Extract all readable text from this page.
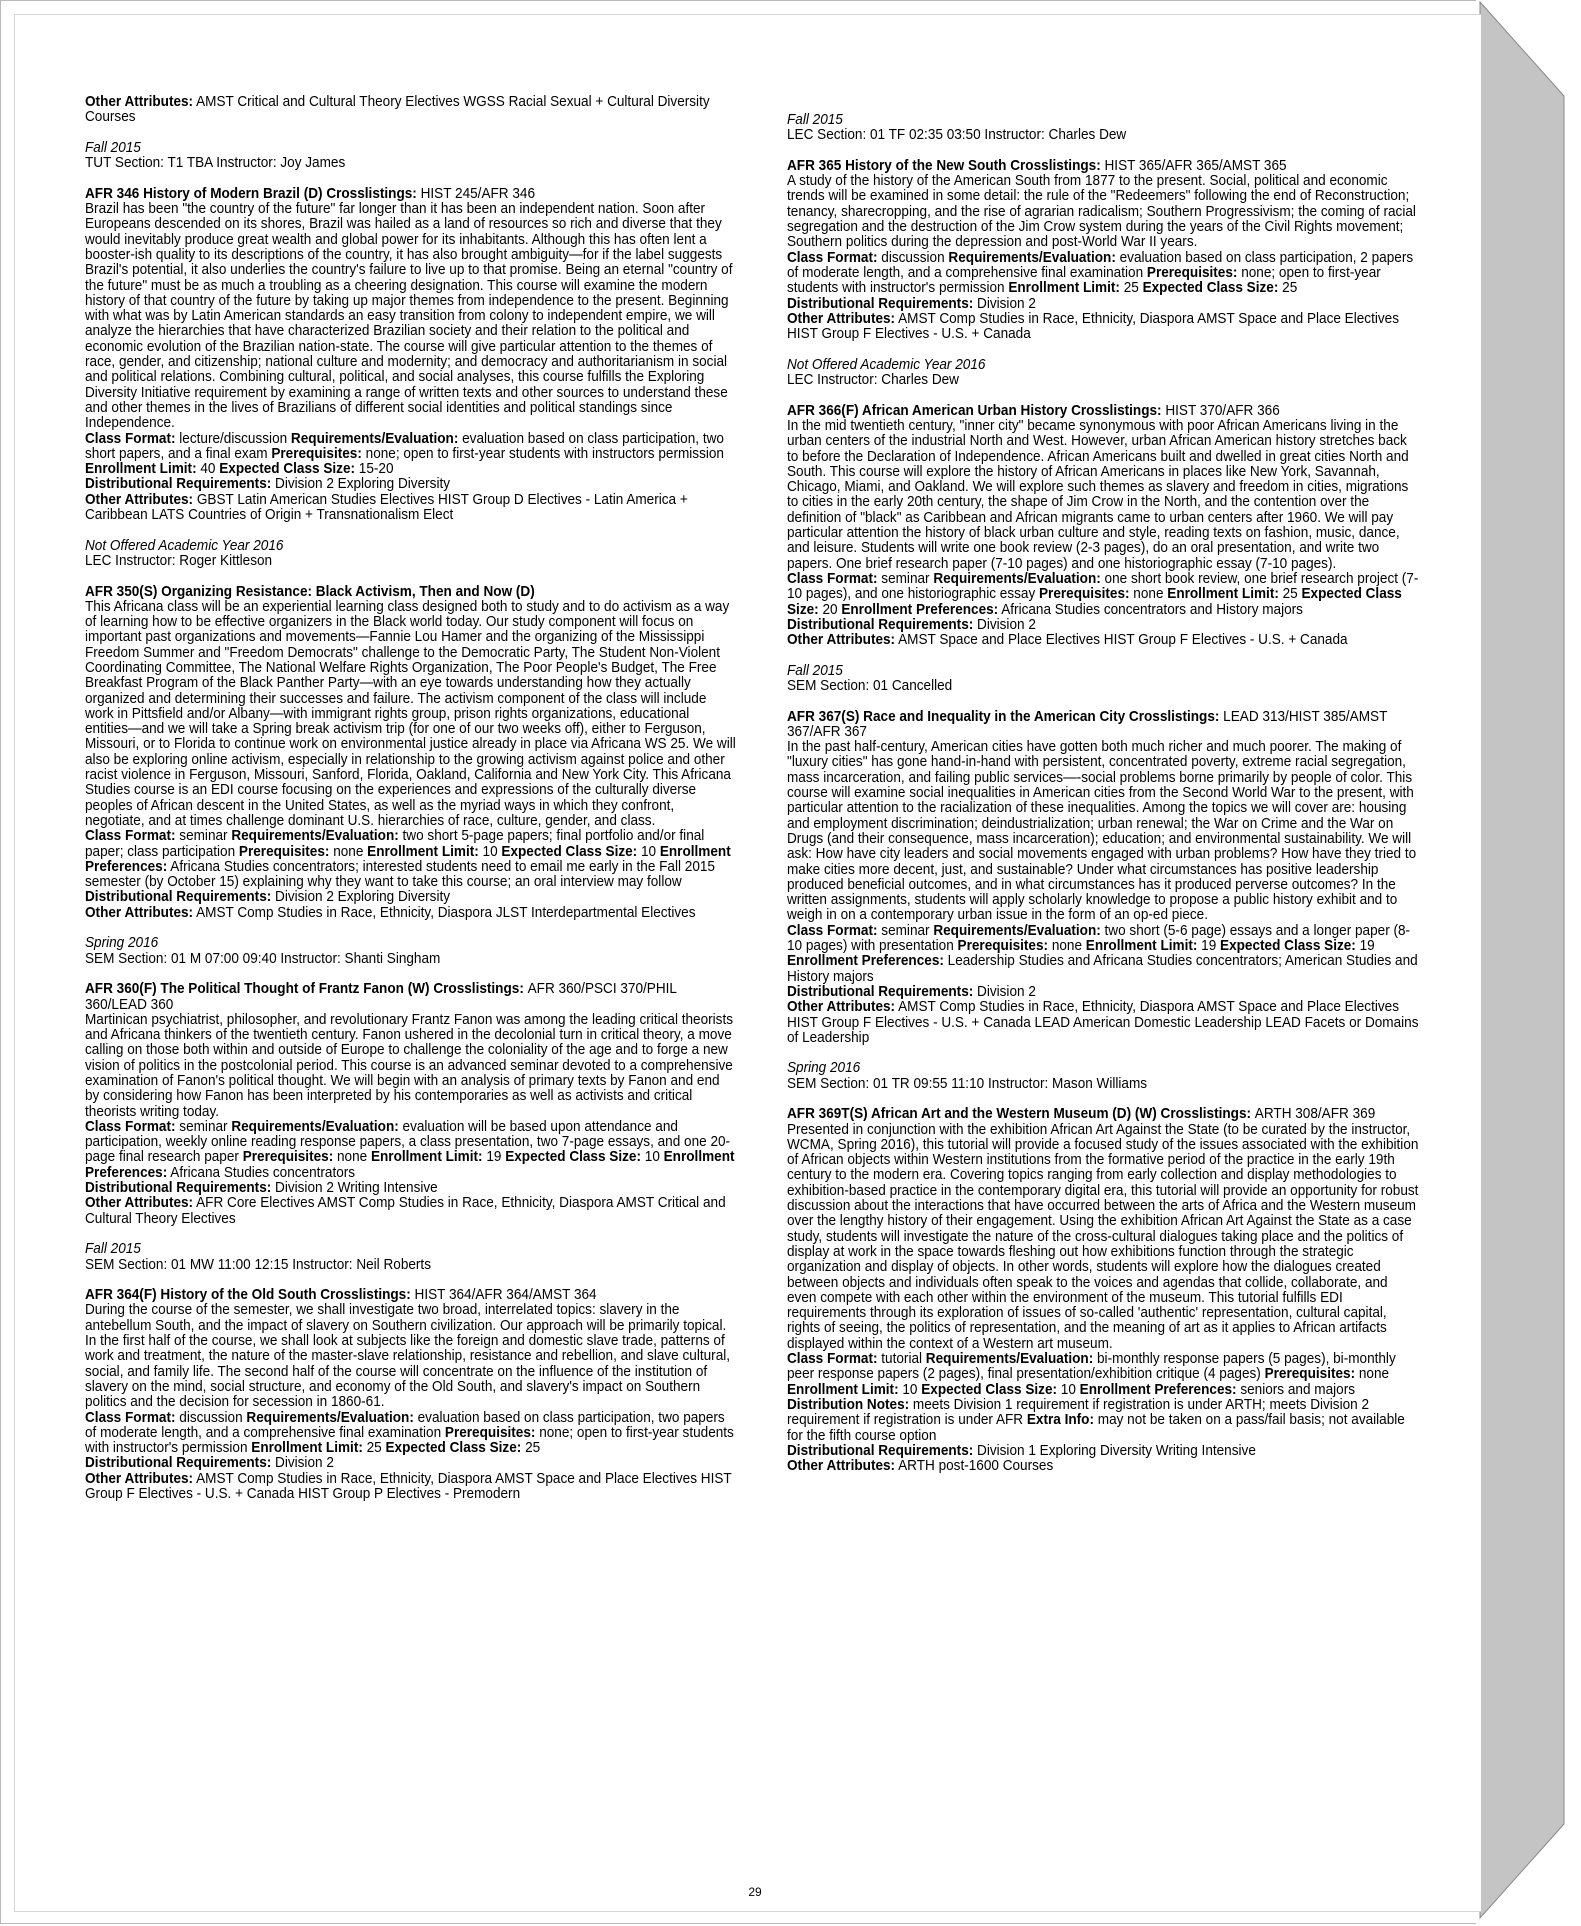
Other Attributes: AMST Critical and Cultural Theory Electives WGSS Racial Sexual + Cultural Diversity Courses

Fall 2015

TUT Section: T1 TBA Instructor: Joy James

AFR 346 History of Modern Brazil (D) Crosslistings: HIST 245/AFR 346

Brazil has been "the country of the future" far longer than it has been an independent nation. Soon after Europeans descended on its shores, Brazil was hailed as a land of resources so rich and diverse that they would inevitably produce great wealth and global power for its inhabitants. Although this has often lent a booster-ish quality to its descriptions of the country, it has also brought ambiguity—for if the label suggests Brazil's potential, it also underlies the country's failure to live up to that promise. Being an eternal "country of the future" must be as much a troubling as a cheering designation. This course will examine the modern history of that country of the future by taking up major themes from independence to the present. Beginning with what was by Latin American standards an easy transition from colony to independent empire, we will analyze the hierarchies that have characterized Brazilian society and their relation to the political and economic evolution of the Brazilian nation-state. The course will give particular attention to the themes of race, gender, and citizenship; national culture and modernity; and democracy and authoritarianism in social and political relations. Combining cultural, political, and social analyses, this course fulfills the Exploring Diversity Initiative requirement by examining a range of written texts and other sources to understand these and other themes in the lives of Brazilians of different social identities and political standings since Independence.

Class Format: lecture/discussion Requirements/Evaluation: evaluation based on class participation, two short papers, and a final exam Prerequisites: none; open to first-year students with instructors permission Enrollment Limit: 40 Expected Class Size: 15-20

Distributional Requirements: Division 2 Exploring Diversity

Other Attributes: GBST Latin American Studies Electives HIST Group D Electives - Latin America + Caribbean LATS Countries of Origin + Transnationalism Elect

Not Offered Academic Year 2016

LEC Instructor: Roger Kittleson

AFR 350(S) Organizing Resistance: Black Activism, Then and Now (D)

This Africana class will be an experiential learning class designed both to study and to do activism as a way of learning how to be effective organizers in the Black world today. Our study component will focus on important past organizations and movements—Fannie Lou Hamer and the organizing of the Mississippi Freedom Summer and "Freedom Democrats" challenge to the Democratic Party, The Student Non-Violent Coordinating Committee, The National Welfare Rights Organization, The Poor People's Budget, The Free Breakfast Program of the Black Panther Party—with an eye towards understanding how they actually organized and determining their successes and failure. The activism component of the class will include work in Pittsfield and/or Albany—with immigrant rights group, prison rights organizations, educational entities—and we will take a Spring break activism trip (for one of our two weeks off), either to Ferguson, Missouri, or to Florida to continue work on environmental justice already in place via Africana WS 25. We will also be exploring online activism, especially in relationship to the growing activism against police and other racist violence in Ferguson, Missouri, Sanford, Florida, Oakland, California and New York City. This Africana Studies course is an EDI course focusing on the experiences and expressions of the culturally diverse peoples of African descent in the United States, as well as the myriad ways in which they confront, negotiate, and at times challenge dominant U.S. hierarchies of race, culture, gender, and class.

Class Format: seminar Requirements/Evaluation: two short 5-page papers; final portfolio and/or final paper; class participation Prerequisites: none Enrollment Limit: 10 Expected Class Size: 10 Enrollment Preferences: Africana Studies concentrators; interested students need to email me early in the Fall 2015 semester (by October 15) explaining why they want to take this course; an oral interview may follow

Distributional Requirements: Division 2 Exploring Diversity

Other Attributes: AMST Comp Studies in Race, Ethnicity, Diaspora JLST Interdepartmental Electives

Spring 2016

SEM Section: 01 M 07:00 09:40 Instructor: Shanti Singham

AFR 360(F) The Political Thought of Frantz Fanon (W) Crosslistings: AFR 360/PSCI 370/PHIL 360/LEAD 360

Martinican psychiatrist, philosopher, and revolutionary Frantz Fanon was among the leading critical theorists and Africana thinkers of the twentieth century. Fanon ushered in the decolonial turn in critical theory, a move calling on those both within and outside of Europe to challenge the coloniality of the age and to forge a new vision of politics in the postcolonial period. This course is an advanced seminar devoted to a comprehensive examination of Fanon's political thought. We will begin with an analysis of primary texts by Fanon and end by considering how Fanon has been interpreted by his contemporaries as well as activists and critical theorists writing today.

Class Format: seminar Requirements/Evaluation: evaluation will be based upon attendance and participation, weekly online reading response papers, a class presentation, two 7-page essays, and one 20-page final research paper Prerequisites: none Enrollment Limit: 19 Expected Class Size: 10 Enrollment Preferences: Africana Studies concentrators

Distributional Requirements: Division 2 Writing Intensive

Other Attributes: AFR Core Electives AMST Comp Studies in Race, Ethnicity, Diaspora AMST Critical and Cultural Theory Electives

Fall 2015

SEM Section: 01 MW 11:00 12:15 Instructor: Neil Roberts

AFR 364(F) History of the Old South Crosslistings: HIST 364/AFR 364/AMST 364

During the course of the semester, we shall investigate two broad, interrelated topics: slavery in the antebellum South, and the impact of slavery on Southern civilization. Our approach will be primarily topical. In the first half of the course, we shall look at subjects like the foreign and domestic slave trade, patterns of work and treatment, the nature of the master-slave relationship, resistance and rebellion, and slave cultural, social, and family life. The second half of the course will concentrate on the influence of the institution of slavery on the mind, social structure, and economy of the Old South, and slavery's impact on Southern politics and the decision for secession in 1860-61.

Class Format: discussion Requirements/Evaluation: evaluation based on class participation, two papers of moderate length, and a comprehensive final examination Prerequisites: none; open to first-year students with instructor's permission Enrollment Limit: 25 Expected Class Size: 25

Distributional Requirements: Division 2

Other Attributes: AMST Comp Studies in Race, Ethnicity, Diaspora AMST Space and Place Electives HIST Group F Electives - U.S. + Canada HIST Group P Electives - Premodern

Fall 2015

LEC Section: 01 TF 02:35 03:50 Instructor: Charles Dew

AFR 365 History of the New South Crosslistings: HIST 365/AFR 365/AMST 365

A study of the history of the American South from 1877 to the present. Social, political and economic trends will be examined in some detail: the rule of the "Redeemers" following the end of Reconstruction; tenancy, sharecropping, and the rise of agrarian radicalism; Southern Progressivism; the coming of racial segregation and the destruction of the Jim Crow system during the years of the Civil Rights movement; Southern politics during the depression and post-World War II years.

Class Format: discussion Requirements/Evaluation: evaluation based on class participation, 2 papers of moderate length, and a comprehensive final examination Prerequisites: none; open to first-year students with instructor's permission Enrollment Limit: 25 Expected Class Size: 25

Distributional Requirements: Division 2

Other Attributes: AMST Comp Studies in Race, Ethnicity, Diaspora AMST Space and Place Electives HIST Group F Electives - U.S. + Canada

Not Offered Academic Year 2016

LEC Instructor: Charles Dew

AFR 366(F) African American Urban History Crosslistings: HIST 370/AFR 366

In the mid twentieth century, "inner city" became synonymous with poor African Americans living in the urban centers of the industrial North and West. However, urban African American history stretches back to before the Declaration of Independence. African Americans built and dwelled in great cities North and South. This course will explore the history of African Americans in places like New York, Savannah, Chicago, Miami, and Oakland. We will explore such themes as slavery and freedom in cities, migrations to cities in the early 20th century, the shape of Jim Crow in the North, and the contention over the definition of "black" as Caribbean and African migrants came to urban centers after 1960. We will pay particular attention the history of black urban culture and style, reading texts on fashion, music, dance, and leisure. Students will write one book review (2-3 pages), do an oral presentation, and write two papers. One brief research paper (7-10 pages) and one historiographic essay (7-10 pages).

Class Format: seminar Requirements/Evaluation: one short book review, one brief research project (7-10 pages), and one historiographic essay Prerequisites: none Enrollment Limit: 25 Expected Class Size: 20 Enrollment Preferences: Africana Studies concentrators and History majors

Distributional Requirements: Division 2

Other Attributes: AMST Space and Place Electives HIST Group F Electives - U.S. + Canada

Fall 2015

SEM Section: 01 Cancelled

AFR 367(S) Race and Inequality in the American City Crosslistings: LEAD 313/HIST 385/AMST 367/AFR 367

In the past half-century, American cities have gotten both much richer and much poorer. The making of "luxury cities" has gone hand-in-hand with persistent, concentrated poverty, extreme racial segregation, mass incarceration, and failing public services—-social problems borne primarily by people of color. This course will examine social inequalities in American cities from the Second World War to the present, with particular attention to the racialization of these inequalities. Among the topics we will cover are: housing and employment discrimination; deindustrialization; urban renewal; the War on Crime and the War on Drugs (and their consequence, mass incarceration); education; and environmental sustainability. We will ask: How have city leaders and social movements engaged with urban problems? How have they tried to make cities more decent, just, and sustainable? Under what circumstances has positive leadership produced beneficial outcomes, and in what circumstances has it produced perverse outcomes? In the written assignments, students will apply scholarly knowledge to propose a public history exhibit and to weigh in on a contemporary urban issue in the form of an op-ed piece.

Class Format: seminar Requirements/Evaluation: two short (5-6 page) essays and a longer paper (8-10 pages) with presentation Prerequisites: none Enrollment Limit: 19 Expected Class Size: 19 Enrollment Preferences: Leadership Studies and Africana Studies concentrators; American Studies and History majors

Distributional Requirements: Division 2

Other Attributes: AMST Comp Studies in Race, Ethnicity, Diaspora AMST Space and Place Electives HIST Group F Electives - U.S. + Canada LEAD American Domestic Leadership LEAD Facets or Domains of Leadership

Spring 2016

SEM Section: 01 TR 09:55 11:10 Instructor: Mason Williams

AFR 369T(S) African Art and the Western Museum (D) (W) Crosslistings: ARTH 308/AFR 369

Presented in conjunction with the exhibition African Art Against the State (to be curated by the instructor, WCMA, Spring 2016), this tutorial will provide a focused study of the issues associated with the exhibition of African objects within Western institutions from the formative period of the practice in the early 19th century to the modern era. Covering topics ranging from early collection and display methodologies to exhibition-based practice in the contemporary digital era, this tutorial will provide an opportunity for robust discussion about the interactions that have occurred between the arts of Africa and the Western museum over the lengthy history of their engagement. Using the exhibition African Art Against the State as a case study, students will investigate the nature of the cross-cultural dialogues taking place and the politics of display at work in the space towards fleshing out how exhibitions function through the strategic organization and display of objects. In other words, students will explore how the dialogues created between objects and individuals often speak to the voices and agendas that collide, collaborate, and even compete with each other within the environment of the museum. This tutorial fulfills EDI requirements through its exploration of issues of so-called 'authentic' representation, cultural capital, rights of seeing, the politics of representation, and the meaning of art as it applies to African artifacts displayed within the context of a Western art museum.

Class Format: tutorial Requirements/Evaluation: bi-monthly response papers (5 pages), bi-monthly peer response papers (2 pages), final presentation/exhibition critique (4 pages) Prerequisites: none Enrollment Limit: 10 Expected Class Size: 10 Enrollment Preferences: seniors and majors Distribution Notes: meets Division 1 requirement if registration is under ARTH; meets Division 2 requirement if registration is under AFR Extra Info: may not be taken on a pass/fail basis; not available for the fifth course option

Distributional Requirements: Division 1 Exploring Diversity Writing Intensive

Other Attributes: ARTH post-1600 Courses

29
